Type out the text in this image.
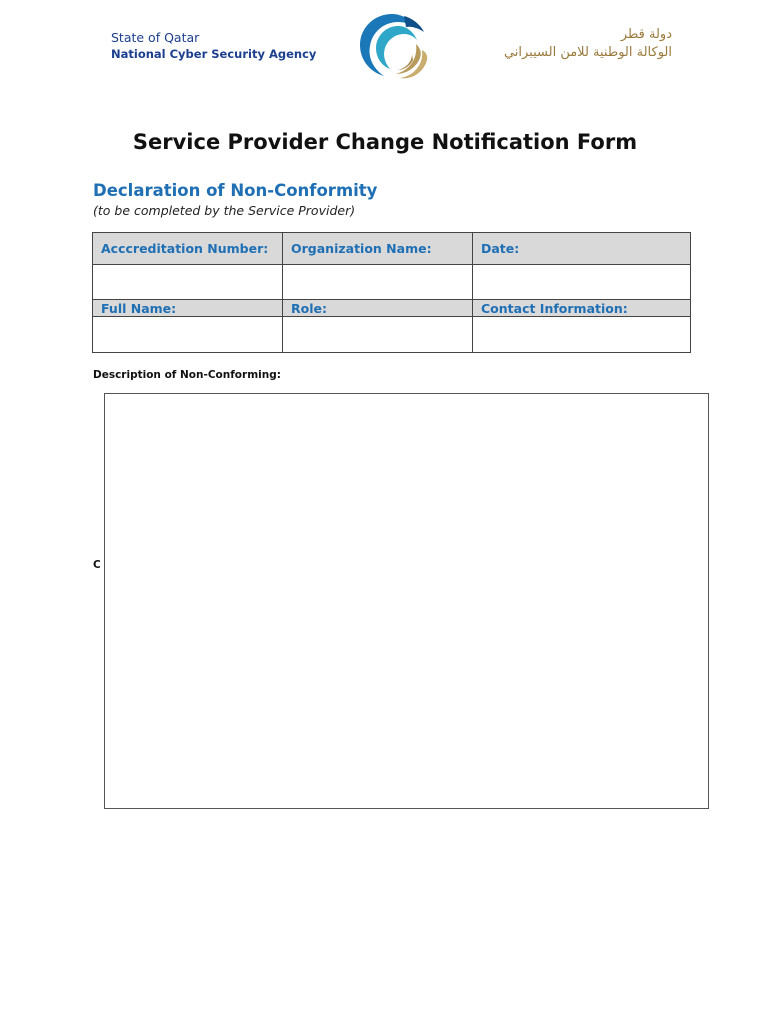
State of Qatar
National Cyber Security Agency
دولة قطر
الوكالة الوطنية للامن السيبراني
Service Provider Change Notification Form
Declaration of Non-Conformity
(to be completed by the Service Provider)
Acccreditation Number:	Organization Name:	Date:

Full Name:	Role:	Contact Information:

Description of Non-Conforming:
C
